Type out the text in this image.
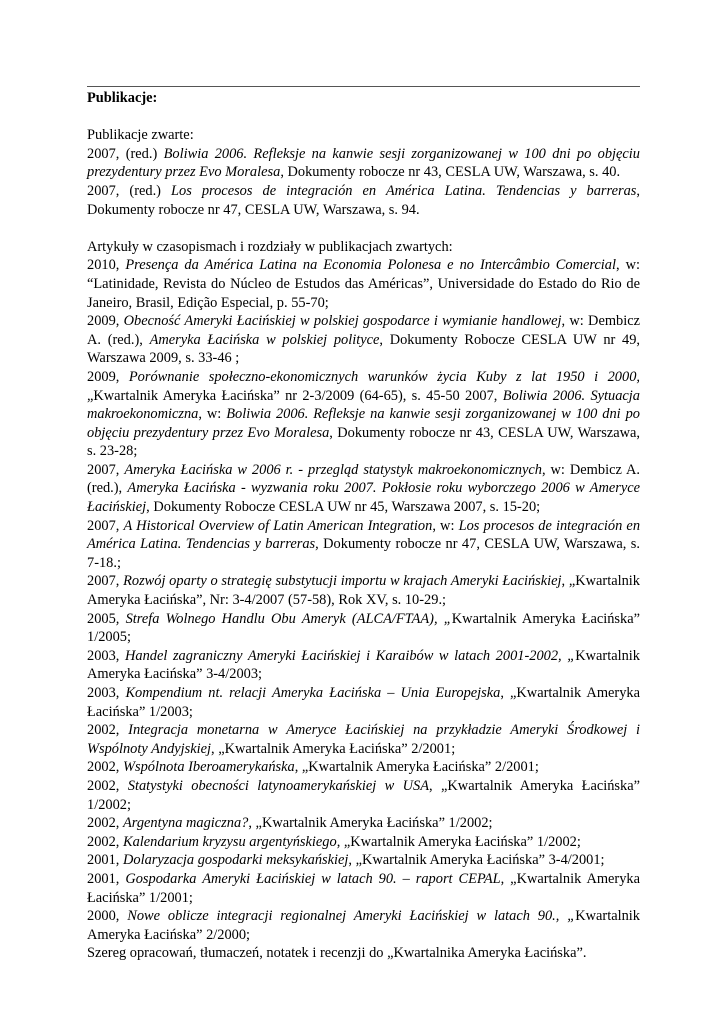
Publikacje:

Publikacje zwarte:

2007, (red.) Boliwia 2006. Refleksje na kanwie sesji zorganizowanej w 100 dni po objęciu prezydentury przez Evo Moralesa, Dokumenty robocze nr 43, CESLA UW, Warszawa, s. 40.

2007, (red.) Los procesos de integración en América Latina. Tendencias y barreras, Dokumenty robocze nr 47, CESLA UW, Warszawa, s. 94.

Artykuły w czasopismach i rozdziały w publikacjach zwartych:

2010, Presença da América Latina na Economia Polonesa e no Intercâmbio Comercial, w: “Latinidade, Revista do Núcleo de Estudos das Américas”, Universidade do Estado do Rio de Janeiro, Brasil, Edição Especial, p. 55-70;

2009, Obecność Ameryki Łacińskiej w polskiej gospodarce i wymianie handlowej, w: Dembicz A. (red.), Ameryka Łacińska w polskiej polityce, Dokumenty Robocze CESLA UW nr 49, Warszawa 2009, s. 33-46 ;

2009, Porównanie społeczno-ekonomicznych warunków życia Kuby z lat 1950 i 2000, „Kwartalnik Ameryka Łacińska” nr 2-3/2009 (64-65), s. 45-50 2007, Boliwia 2006. Sytuacja makroekonomiczna, w: Boliwia 2006. Refleksje na kanwie sesji zorganizowanej w 100 dni po objęciu prezydentury przez Evo Moralesa, Dokumenty robocze nr 43, CESLA UW, Warszawa, s. 23-28;

2007, Ameryka Łacińska w 2006 r. - przegląd statystyk makroekonomicznych, w: Dembicz A. (red.), Ameryka Łacińska - wyzwania roku 2007. Pokłosie roku wyborczego 2006 w Ameryce Łacińskiej, Dokumenty Robocze CESLA UW nr 45, Warszawa 2007, s. 15-20;

2007, A Historical Overview of Latin American Integration, w: Los procesos de integración en América Latina. Tendencias y barreras, Dokumenty robocze nr 47, CESLA UW, Warszawa, s. 7-18.;

2007, Rozwój oparty o strategię substytucji importu w krajach Ameryki Łacińskiej, „Kwartalnik Ameryka Łacińska”, Nr: 3-4/2007 (57-58), Rok XV, s. 10-29.;

2005, Strefa Wolnego Handlu Obu Ameryk (ALCA/FTAA), „Kwartalnik Ameryka Łacińska” 1/2005;

2003, Handel zagraniczny Ameryki Łacińskiej i Karaibów w latach 2001-2002, „Kwartalnik Ameryka Łacińska” 3-4/2003;

2003, Kompendium nt. relacji Ameryka Łacińska – Unia Europejska, „Kwartalnik Ameryka Łacińska” 1/2003;

2002, Integracja monetarna w Ameryce Łacińskiej na przykładzie Ameryki Środkowej i Wspólnoty Andyjskiej, „Kwartalnik Ameryka Łacińska” 2/2001;

2002, Wspólnota Iberoamerykańska, „Kwartalnik Ameryka Łacińska” 2/2001;

2002, Statystyki obecności latynoamerykańskiej w USA, „Kwartalnik Ameryka Łacińska” 1/2002;

2002, Argentyna magiczna?, „Kwartalnik Ameryka Łacińska” 1/2002;

2002, Kalendarium kryzysu argentyńskiego, „Kwartalnik Ameryka Łacińska” 1/2002;

2001, Dolaryzacja gospodarki meksykańskiej, „Kwartalnik Ameryka Łacińska” 3-4/2001;

2001, Gospodarka Ameryki Łacińskiej w latach 90. – raport CEPAL, „Kwartalnik Ameryka Łacińska” 1/2001;

2000, Nowe oblicze integracji regionalnej Ameryki Łacińskiej w latach 90., „Kwartalnik Ameryka Łacińska” 2/2000;

Szereg opracowań, tłumaczeń, notatek i recenzji do „Kwartalnika Ameryka Łacińska”.
